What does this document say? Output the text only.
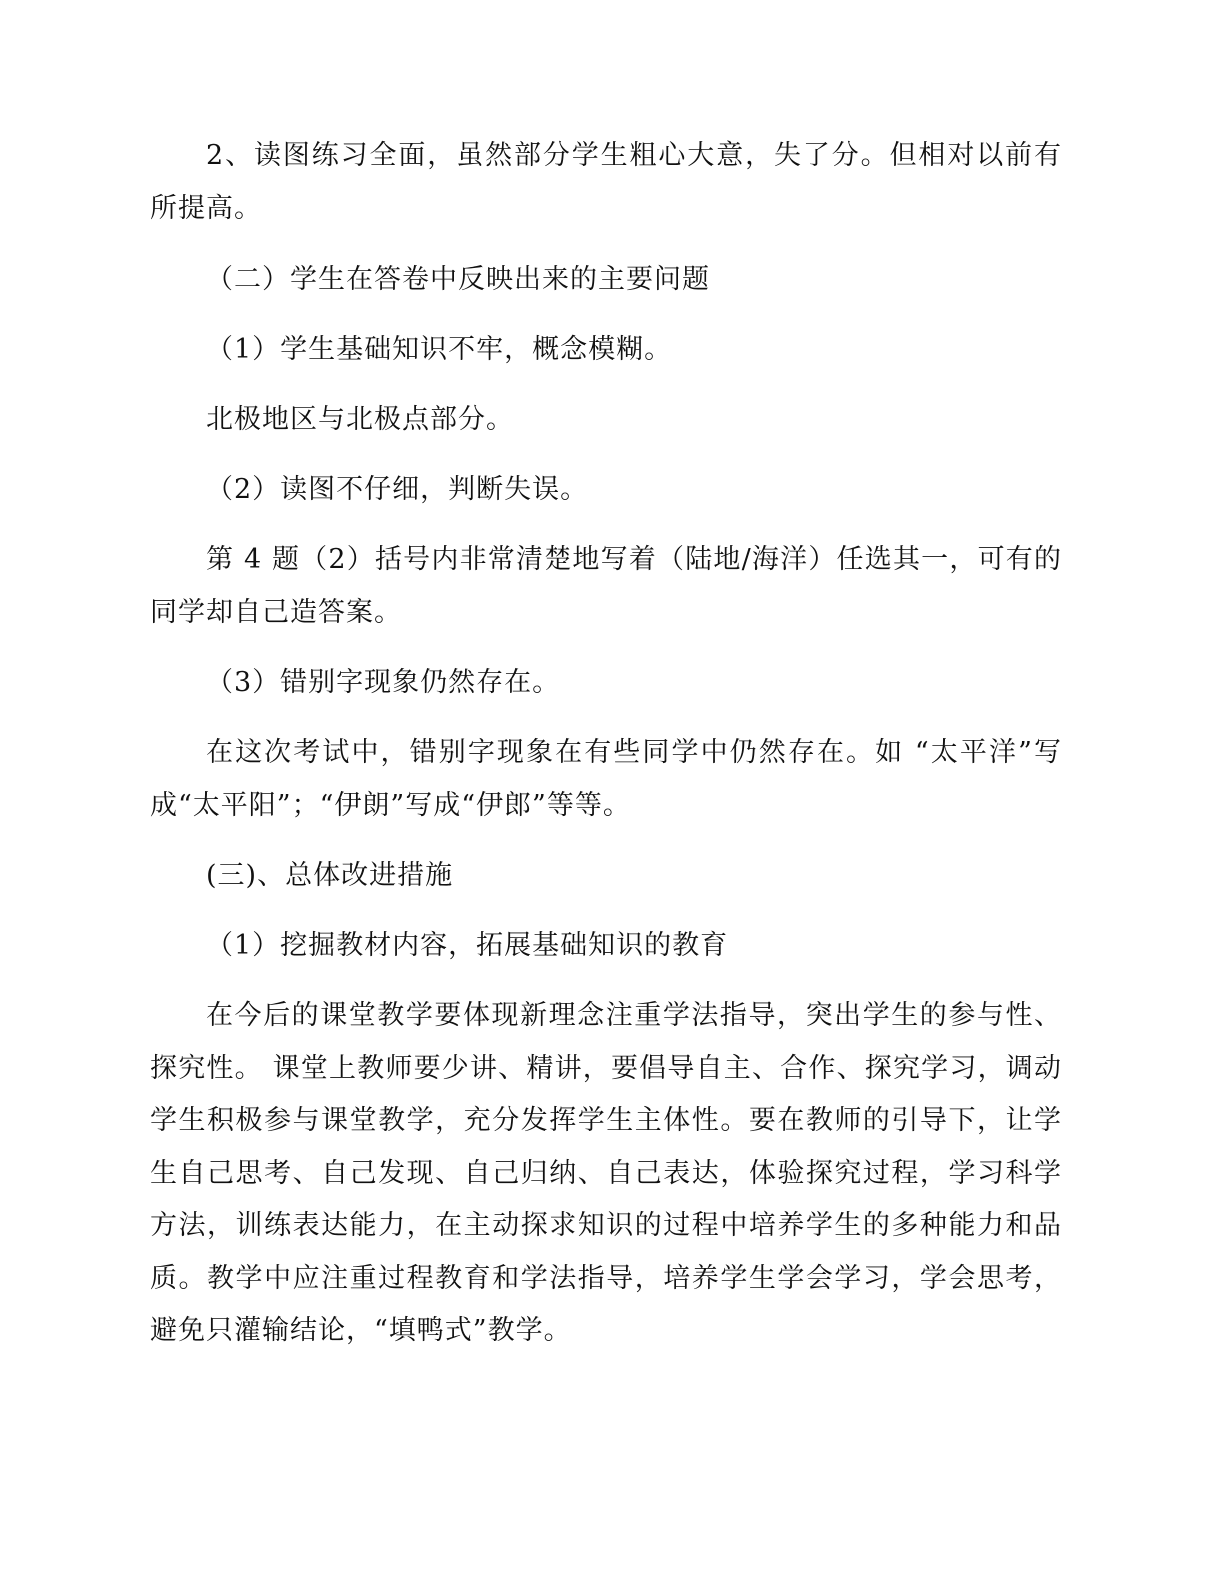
2、读图练习全面，虽然部分学生粗心大意，失了分。但相对以前有所提高。

（二）学生在答卷中反映出来的主要问题

（1）学生基础知识不牢，概念模糊。

北极地区与北极点部分。

（2）读图不仔细，判断失误。

第 4 题（2）括号内非常清楚地写着（陆地/海洋）任选其一，可有的同学却自己造答案。

（3）错别字现象仍然存在。

在这次考试中，错别字现象在有些同学中仍然存在。如 “太平洋”写成“太平阳”；“伊朗”写成“伊郎”等等。

(三)、总体改进措施

（1）挖掘教材内容，拓展基础知识的教育

在今后的课堂教学要体现新理念注重学法指导，突出学生的参与性、探究性。 课堂上教师要少讲、精讲，要倡导自主、合作、探究学习，调动学生积极参与课堂教学，充分发挥学生主体性。要在教师的引导下，让学生自己思考、自己发现、自己归纳、自己表达，体验探究过程，学习科学方法，训练表达能力，在主动探求知识的过程中培养学生的多种能力和品质。教学中应注重过程教育和学法指导，培养学生学会学习，学会思考，避免只灌输结论，“填鸭式”教学。
